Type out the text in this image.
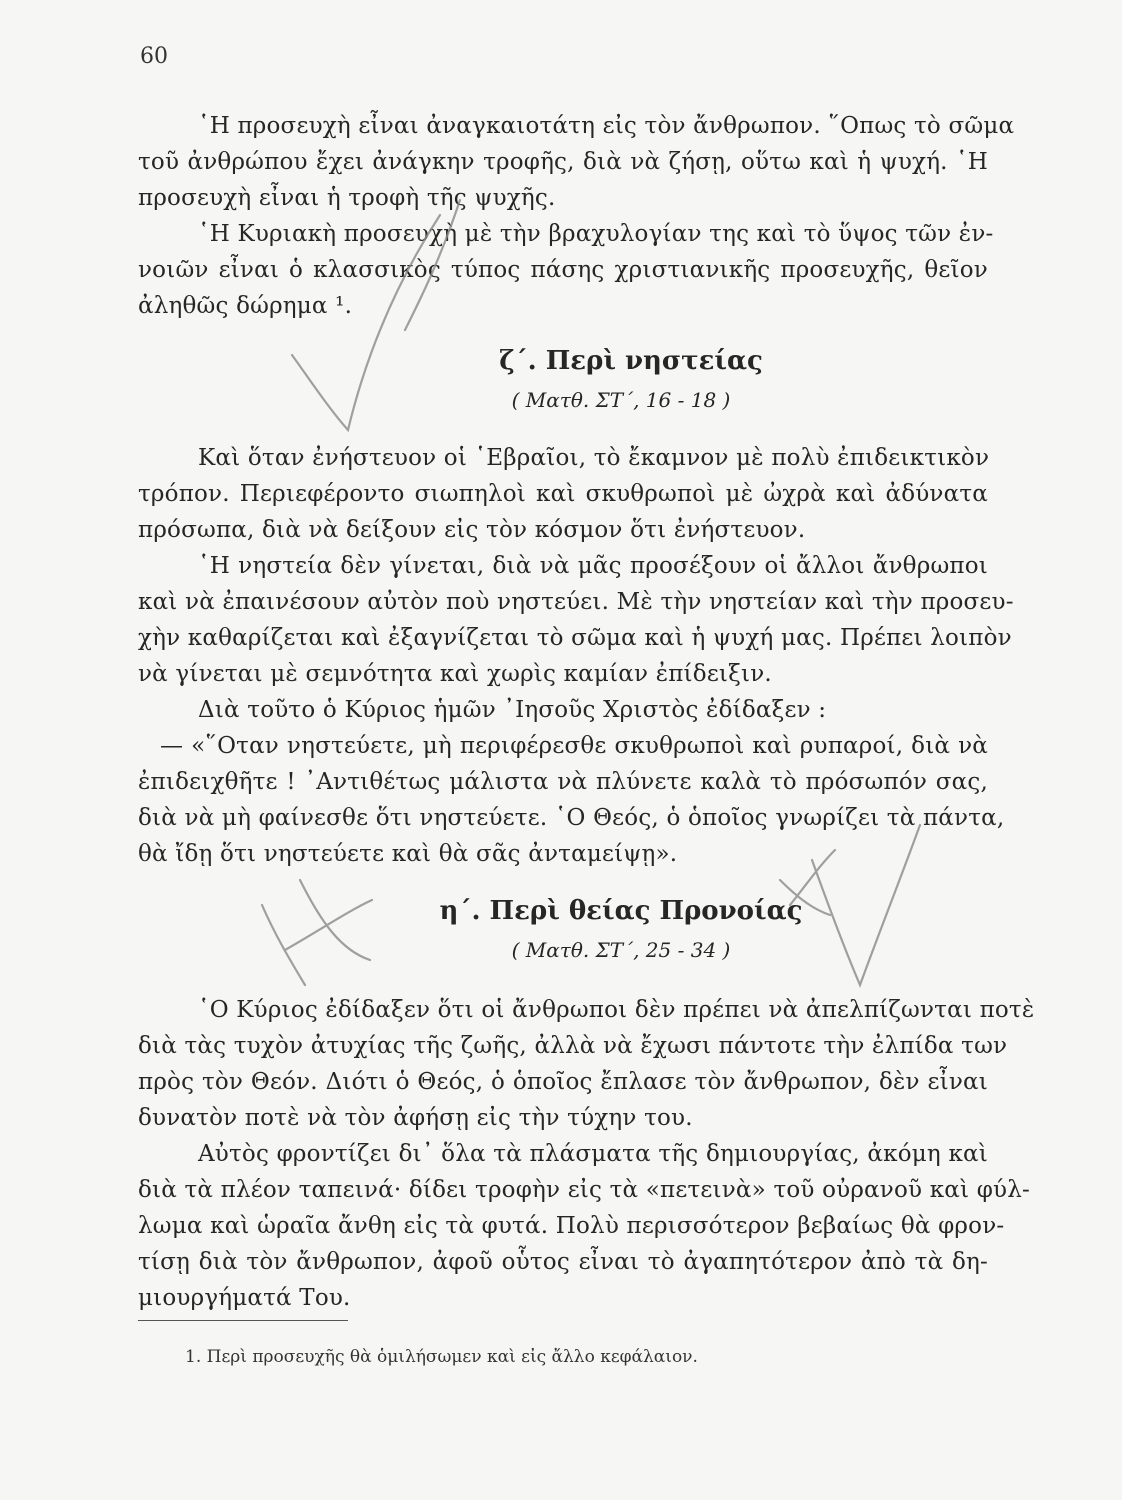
60
῾Η προσευχὴ εἶναι ἀναγκαιοτάτη εἰς τὸν ἄνθρωπον. ῞Οπως τὸ σῶμα
τοῦ ἀνθρώπου ἔχει ἀνάγκην τροφῆς, διὰ νὰ ζήσῃ, οὕτω καὶ ἡ ψυχή. ῾Η
προσευχὴ εἶναι ἡ τροφὴ τῆς ψυχῆς.
῾Η Κυριακὴ προσευχὴ μὲ τὴν βραχυλογίαν της καὶ τὸ ὕψος τῶν ἐν-
νοιῶν εἶναι ὁ κλασσικὸς τύπος πάσης χριστιανικῆς προσευχῆς, θεῖον
ἀληθῶς δώρημα ¹.
ζ΄. Περὶ νηστείας
( Ματθ. ΣΤ΄, 16 - 18 )
Καὶ ὅταν ἐνήστευον οἱ ῾Εβραῖοι, τὸ ἔκαμνον μὲ πολὺ ἐπιδεικτικὸν
τρόπον. Περιεφέροντο σιωπηλοὶ καὶ σκυθρωποὶ μὲ ὠχρὰ καὶ ἀδύνατα
πρόσωπα, διὰ νὰ δείξουν εἰς τὸν κόσμον ὅτι ἐνήστευον.
῾Η νηστεία δὲν γίνεται, διὰ νὰ μᾶς προσέξουν οἱ ἄλλοι ἄνθρωποι
καὶ νὰ ἐπαινέσουν αὐτὸν ποὺ νηστεύει. Μὲ τὴν νηστείαν καὶ τὴν προσευ-
χὴν καθαρίζεται καὶ ἐξαγνίζεται τὸ σῶμα καὶ ἡ ψυχή μας. Πρέπει λοιπὸν
νὰ γίνεται μὲ σεμνότητα καὶ χωρὶς καμίαν ἐπίδειξιν.
Διὰ τοῦτο ὁ Κύριος ἡμῶν ᾿Ιησοῦς Χριστὸς ἐδίδαξεν :
— «῞Οταν νηστεύετε, μὴ περιφέρεσθε σκυθρωποὶ καὶ ρυπαροί, διὰ νὰ
ἐπιδειχθῆτε ! ᾿Αντιθέτως μάλιστα νὰ πλύνετε καλὰ τὸ πρόσωπόν σας,
διὰ νὰ μὴ φαίνεσθε ὅτι νηστεύετε. ῾Ο Θεός, ὁ ὁποῖος γνωρίζει τὰ πάντα,
θὰ ἴδῃ ὅτι νηστεύετε καὶ θὰ σᾶς ἀνταμείψῃ».
η΄. Περὶ θείας Προνοίας
( Ματθ. ΣΤ΄, 25 - 34 )
῾Ο Κύριος ἐδίδαξεν ὅτι οἱ ἄνθρωποι δὲν πρέπει νὰ ἀπελπίζωνται ποτὲ
διὰ τὰς τυχὸν ἀτυχίας τῆς ζωῆς, ἀλλὰ νὰ ἔχωσι πάντοτε τὴν ἐλπίδα των
πρὸς τὸν Θεόν. Διότι ὁ Θεός, ὁ ὁποῖος ἔπλασε τὸν ἄνθρωπον, δὲν εἶναι
δυνατὸν ποτὲ νὰ τὸν ἀφήσῃ εἰς τὴν τύχην του.
Αὐτὸς φροντίζει δι᾿ ὅλα τὰ πλάσματα τῆς δημιουργίας, ἀκόμη καὶ
διὰ τὰ πλέον ταπεινά· δίδει τροφὴν εἰς τὰ «πετεινὰ» τοῦ οὐρανοῦ καὶ φύλ-
λωμα καὶ ὡραῖα ἄνθη εἰς τὰ φυτά. Πολὺ περισσότερον βεβαίως θὰ φρον-
τίσῃ διὰ τὸν ἄνθρωπον, ἀφοῦ οὗτος εἶναι τὸ ἀγαπητότερον ἀπὸ τὰ δη-
μιουργήματά Του.
1. Περὶ προσευχῆς θὰ ὁμιλήσωμεν καὶ εἰς ἄλλο κεφάλαιον.
